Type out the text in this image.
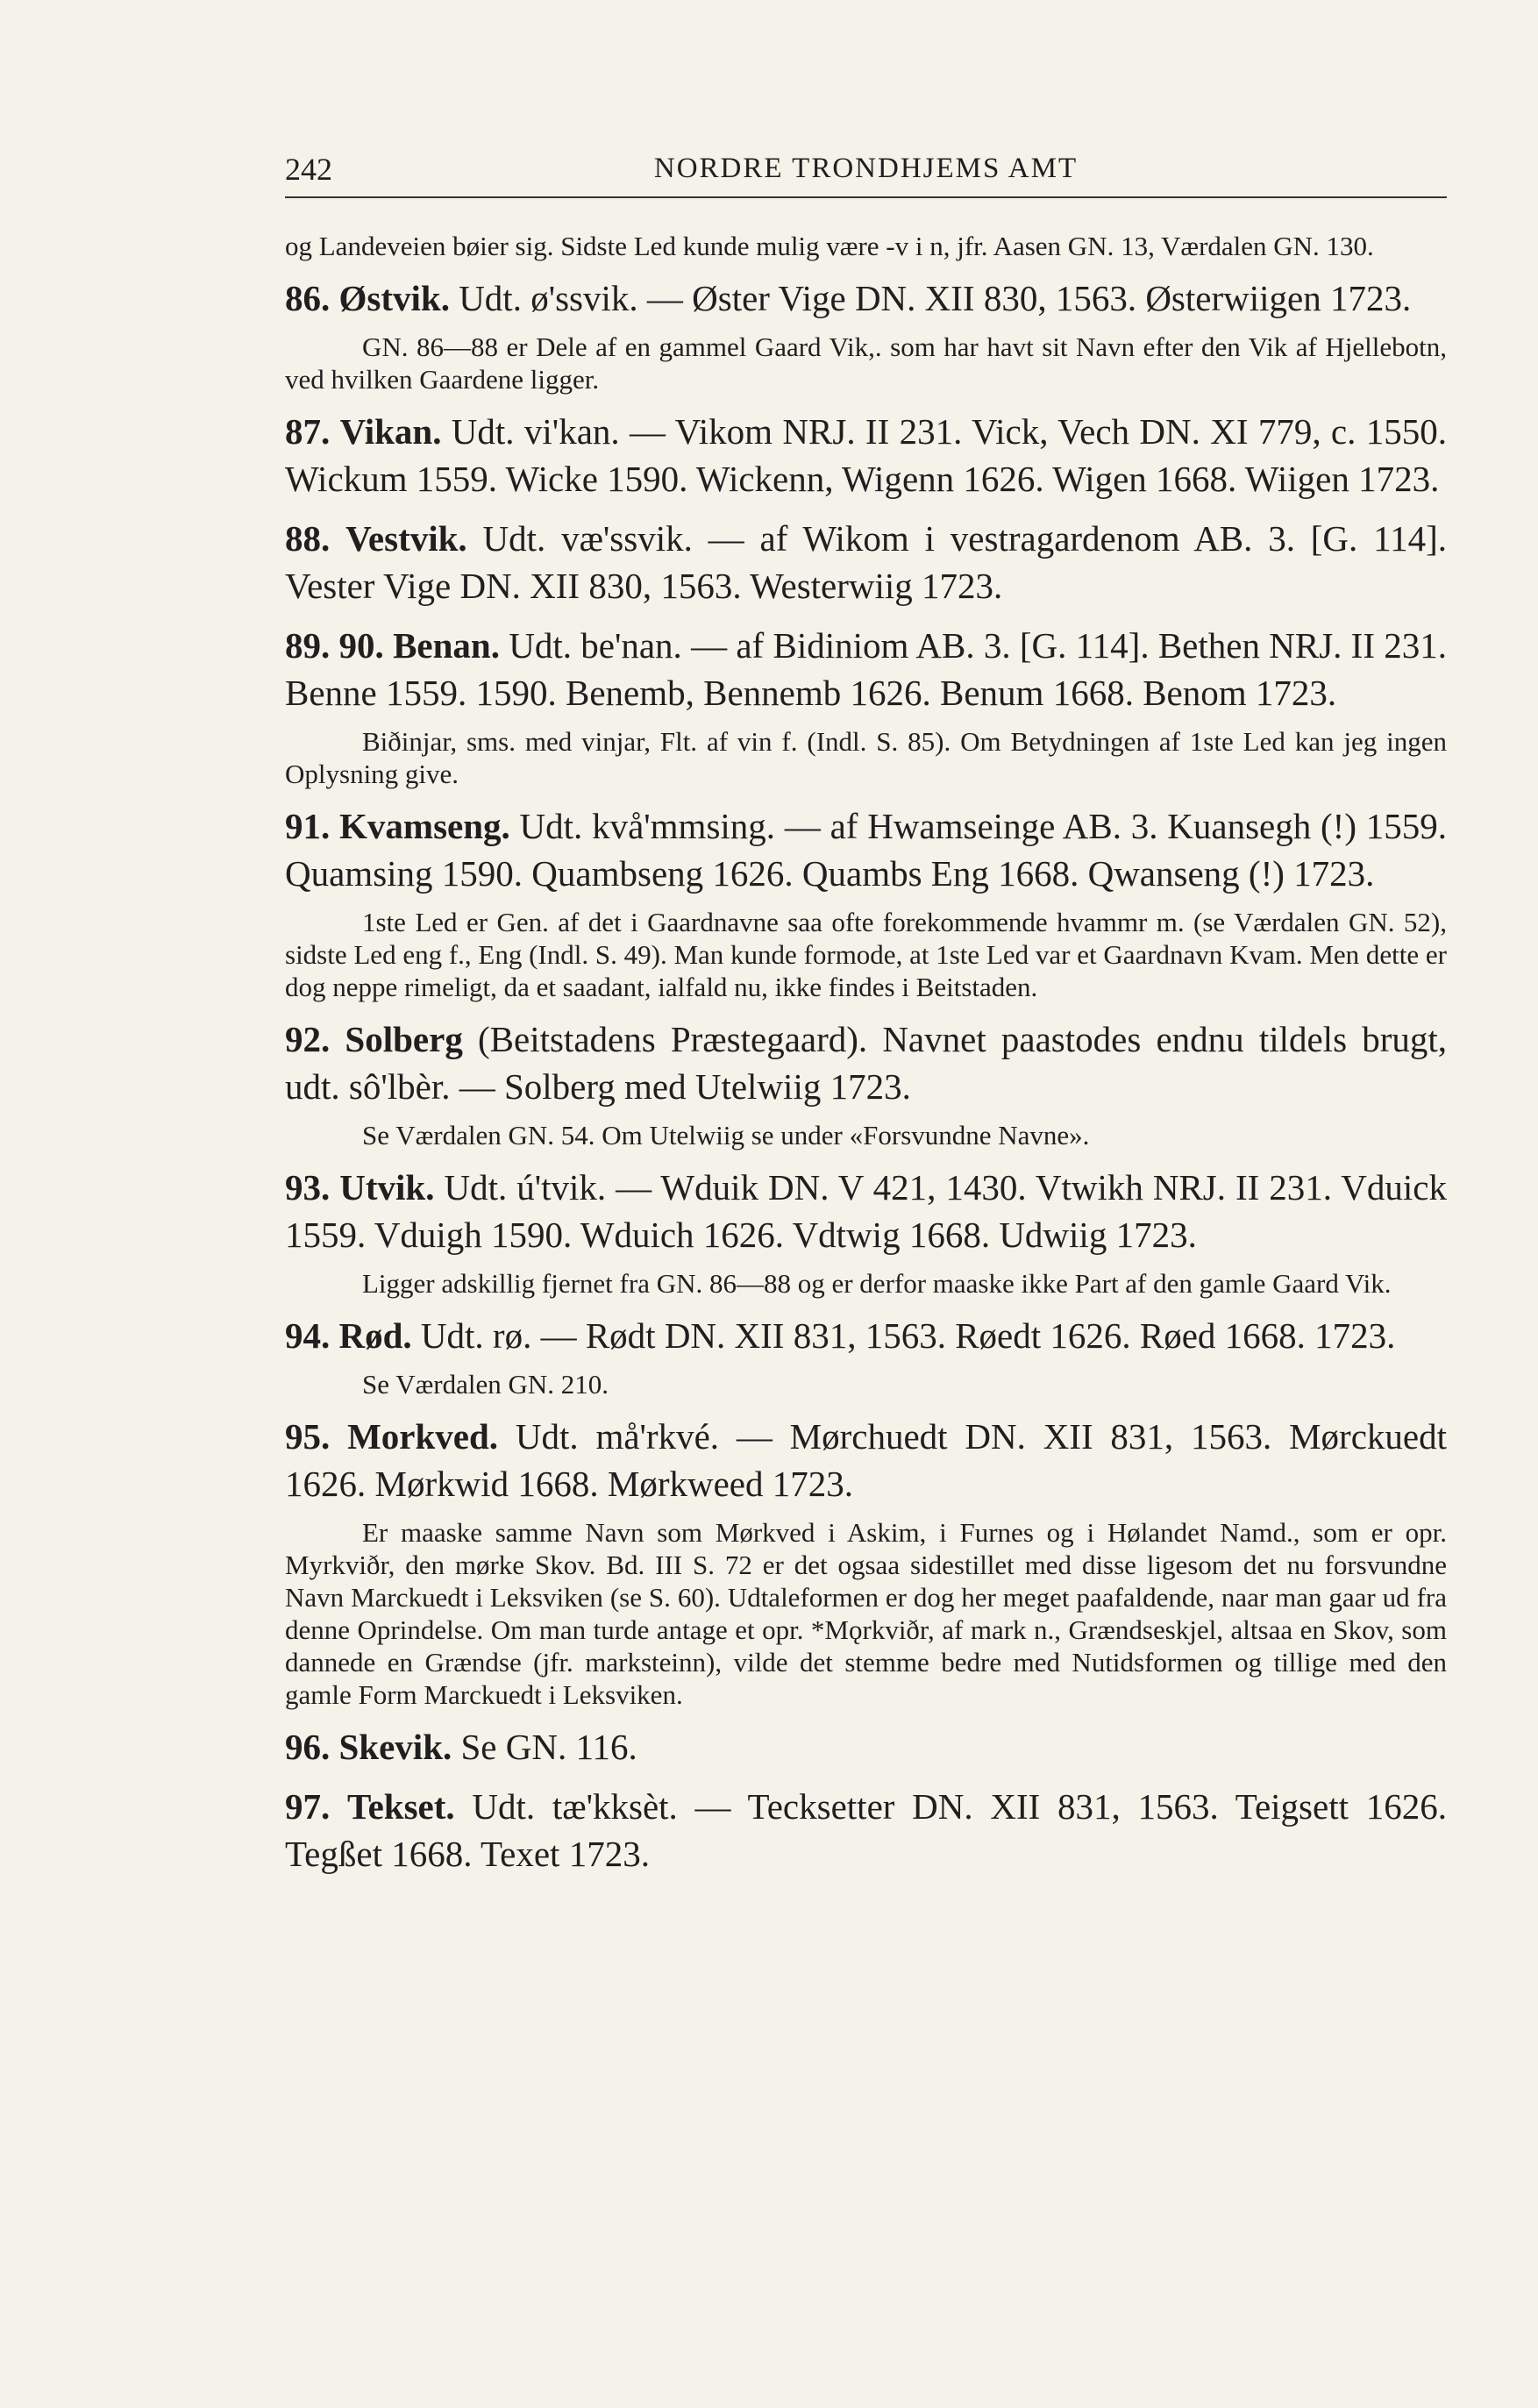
242	NORDRE TRONDHJEMS AMT

og Landeveien bøier sig. Sidste Led kunde mulig være -v i n, jfr. Aasen GN. 13, Værdalen GN. 130.

86. Østvik. Udt. ø'ssvik. — Øster Vige DN. XII 830, 1563. Østerwiigen 1723.

GN. 86—88 er Dele af en gammel Gaard Vik,. som har havt sit Navn efter den Vik af Hjellebotn, ved hvilken Gaardene ligger.

87. Vikan. Udt. vi'kan. — Vikom NRJ. II 231. Vick, Vech DN. XI 779, c. 1550. Wickum 1559. Wicke 1590. Wickenn, Wigenn 1626. Wigen 1668. Wiigen 1723.

88. Vestvik. Udt. væ'ssvik. — af Wikom i vestragardenom AB. 3. [G. 114]. Vester Vige DN. XII 830, 1563. Westerwiig 1723.

89. 90. Benan. Udt. be'nan. — af Bidiniom AB. 3. [G. 114]. Bethen NRJ. II 231. Benne 1559. 1590. Benemb, Bennemb 1626. Benum 1668. Benom 1723.

Biðinjar, sms. med vinjar, Flt. af vin f. (Indl. S. 85). Om Betydningen af 1ste Led kan jeg ingen Oplysning give.

91. Kvamseng. Udt. kvå'mmsing. — af Hwamseinge AB. 3. Kuansegh (!) 1559. Quamsing 1590. Quambseng 1626. Quambs Eng 1668. Qwanseng (!) 1723.

1ste Led er Gen. af det i Gaardnavne saa ofte forekommende hvammr m. (se Værdalen GN. 52), sidste Led eng f., Eng (Indl. S. 49). Man kunde formode, at 1ste Led var et Gaardnavn Kvam. Men dette er dog neppe rimeligt, da et saadant, ialfald nu, ikke findes i Beitstaden.

92. Solberg (Beitstadens Præstegaard). Navnet paastodes endnu tildels brugt, udt. sô'lbèr. — Solberg med Utelwiig 1723.

Se Værdalen GN. 54. Om Utelwiig se under «Forsvundne Navne».

93. Utvik. Udt. ú'tvik. — Wduik DN. V 421, 1430. Vtwikh NRJ. II 231. Vduick 1559. Vduigh 1590. Wduich 1626. Vdtwig 1668. Udwiig 1723.

Ligger adskillig fjernet fra GN. 86—88 og er derfor maaske ikke Part af den gamle Gaard Vik.

94. Rød. Udt. rø. — Rødt DN. XII 831, 1563. Røedt 1626. Røed 1668. 1723.

Se Værdalen GN. 210.

95. Morkved. Udt. må'rkvé. — Mørchuedt DN. XII 831, 1563. Mørckuedt 1626. Mørkwid 1668. Mørkweed 1723.

Er maaske samme Navn som Mørkved i Askim, i Furnes og i Hølandet Namd., som er opr. Myrkviðr, den mørke Skov. Bd. III S. 72 er det ogsaa sidestillet med disse ligesom det nu forsvundne Navn Marckuedt i Leksviken (se S. 60). Udtaleformen er dog her meget paafaldende, naar man gaar ud fra denne Oprindelse. Om man turde antage et opr. *Mǫrkviðr, af mark n., Grændseskjel, altsaa en Skov, som dannede en Grændse (jfr. marksteinn), vilde det stemme bedre med Nutidsformen og tillige med den gamle Form Marckuedt i Leksviken.

96. Skevik. Se GN. 116.

97. Tekset. Udt. tæ'kksèt. — Tecksetter DN. XII 831, 1563. Teigsett 1626. Tegßet 1668. Texet 1723.
